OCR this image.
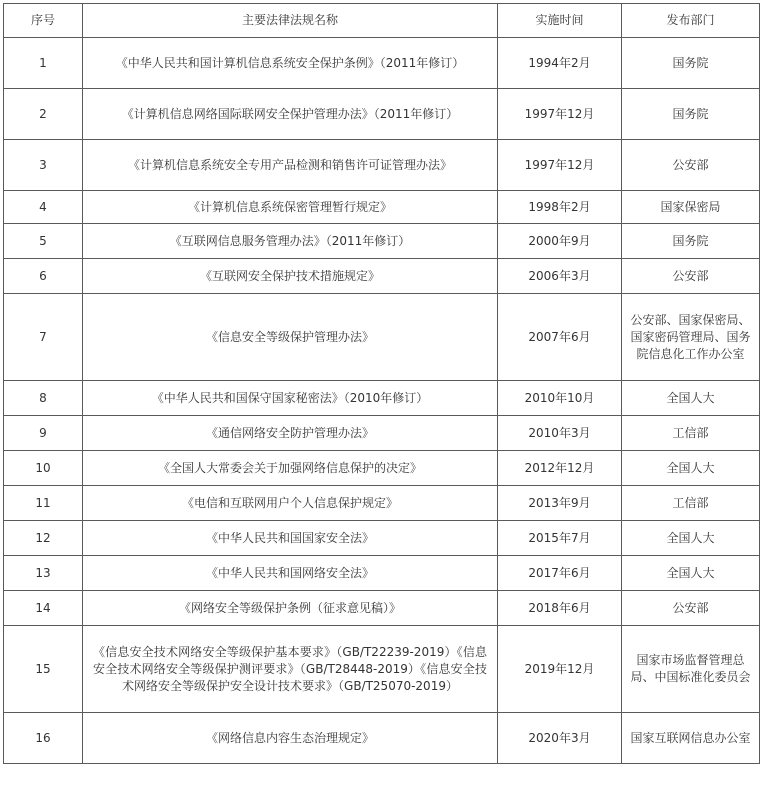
序号	主要法律法规名称	实施时间	发布部门
1	《中华人民共和国计算机信息系统安全保护条例》（2011年修订）	1994年2月	国务院
2	《计算机信息网络国际联网安全保护管理办法》（2011年修订）	1997年12月	国务院
3	《计算机信息系统安全专用产品检测和销售许可证管理办法》	1997年12月	公安部
4	《计算机信息系统保密管理暂行规定》	1998年2月	国家保密局
5	《互联网信息服务管理办法》（2011年修订）	2000年9月	国务院
6	《互联网安全保护技术措施规定》	2006年3月	公安部
7	《信息安全等级保护管理办法》	2007年6月	公安部、国家保密局、国家密码管理局、国务院信息化工作办公室
8	《中华人民共和国保守国家秘密法》（2010年修订）	2010年10月	全国人大
9	《通信网络安全防护管理办法》	2010年3月	工信部
10	《全国人大常委会关于加强网络信息保护的决定》	2012年12月	全国人大
11	《电信和互联网用户个人信息保护规定》	2013年9月	工信部
12	《中华人民共和国国家安全法》	2015年7月	全国人大
13	《中华人民共和国网络安全法》	2017年6月	全国人大
14	《网络安全等级保护条例（征求意见稿）》	2018年6月	公安部
15	《信息安全技术网络安全等级保护基本要求》（GB/T22239-2019）《信息安全技术网络安全等级保护测评要求》（GB/T28448-2019）《信息安全技术网络安全等级保护安全设计技术要求》（GB/T25070-2019）	2019年12月	国家市场监督管理总局、中国标准化委员会
16	《网络信息内容生态治理规定》	2020年3月	国家互联网信息办公室
